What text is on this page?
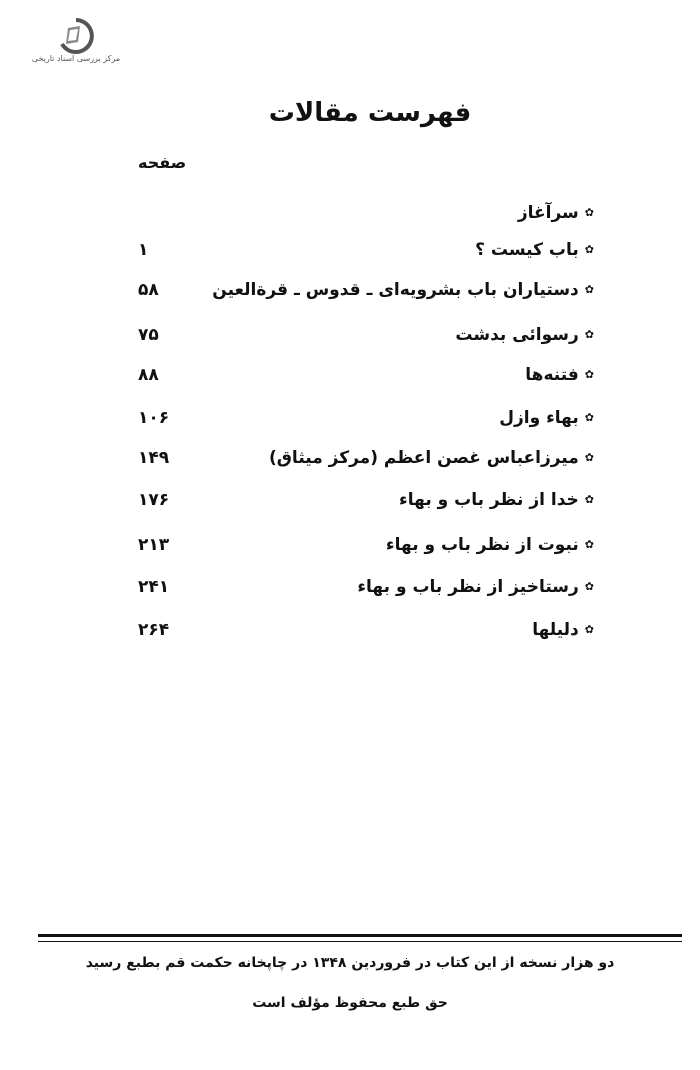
مرکز بررسی اسناد تاریخی
فهرست مقالات
صفحه
✿سرآغاز
✿باب کیست ؟
۱
✿دستیاران باب بشرویه‌ای ـ قدوس ـ قرة‌العین
۵۸
✿رسوائی بدشت
۷۵
✿فتنه‌ها
۸۸
✿بهاء وازل
۱۰۶
✿میرزاعباس غصن اعظم (مرکز میثاق)
۱۴۹
✿خدا از نظر باب و بهاء
۱۷۶
✿نبوت از نظر باب و بهاء
۲۱۳
✿رستاخیز از نظر باب و بهاء
۲۴۱
✿دلیلها
۲۶۴
دو هزار نسخه از این کتاب در فروردین ۱۳۴۸ در چاپخانه حکمت قم بطبع رسید
حق طبع محفوظ مؤلف است
